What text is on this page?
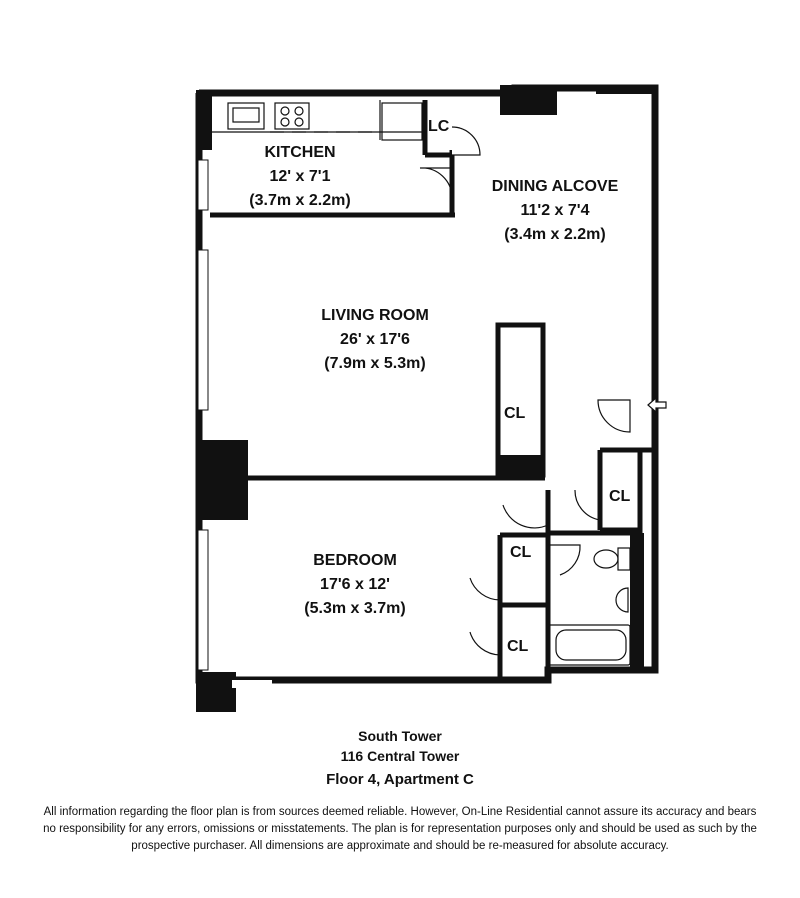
KITCHEN
12' x 7'1
(3.7m x 2.2m)
DINING ALCOVE
11'2 x 7'4
(3.4m x 2.2m)
LIVING ROOM
26' x 17'6
(7.9m x 5.3m)
BEDROOM
17'6 x 12'
(5.3m x 3.7m)
LC
CL
CL
CL
CL
South Tower
116 Central Tower
Floor 4, Apartment C
All information regarding the floor plan is from sources deemed reliable. However, On-Line Residential cannot assure its accuracy and bears no responsibility for any errors, omissions or misstatements. The plan is for representation purposes only and should be used as such by the prospective purchaser. All dimensions are approximate and should be re-measured for absolute accuracy.
